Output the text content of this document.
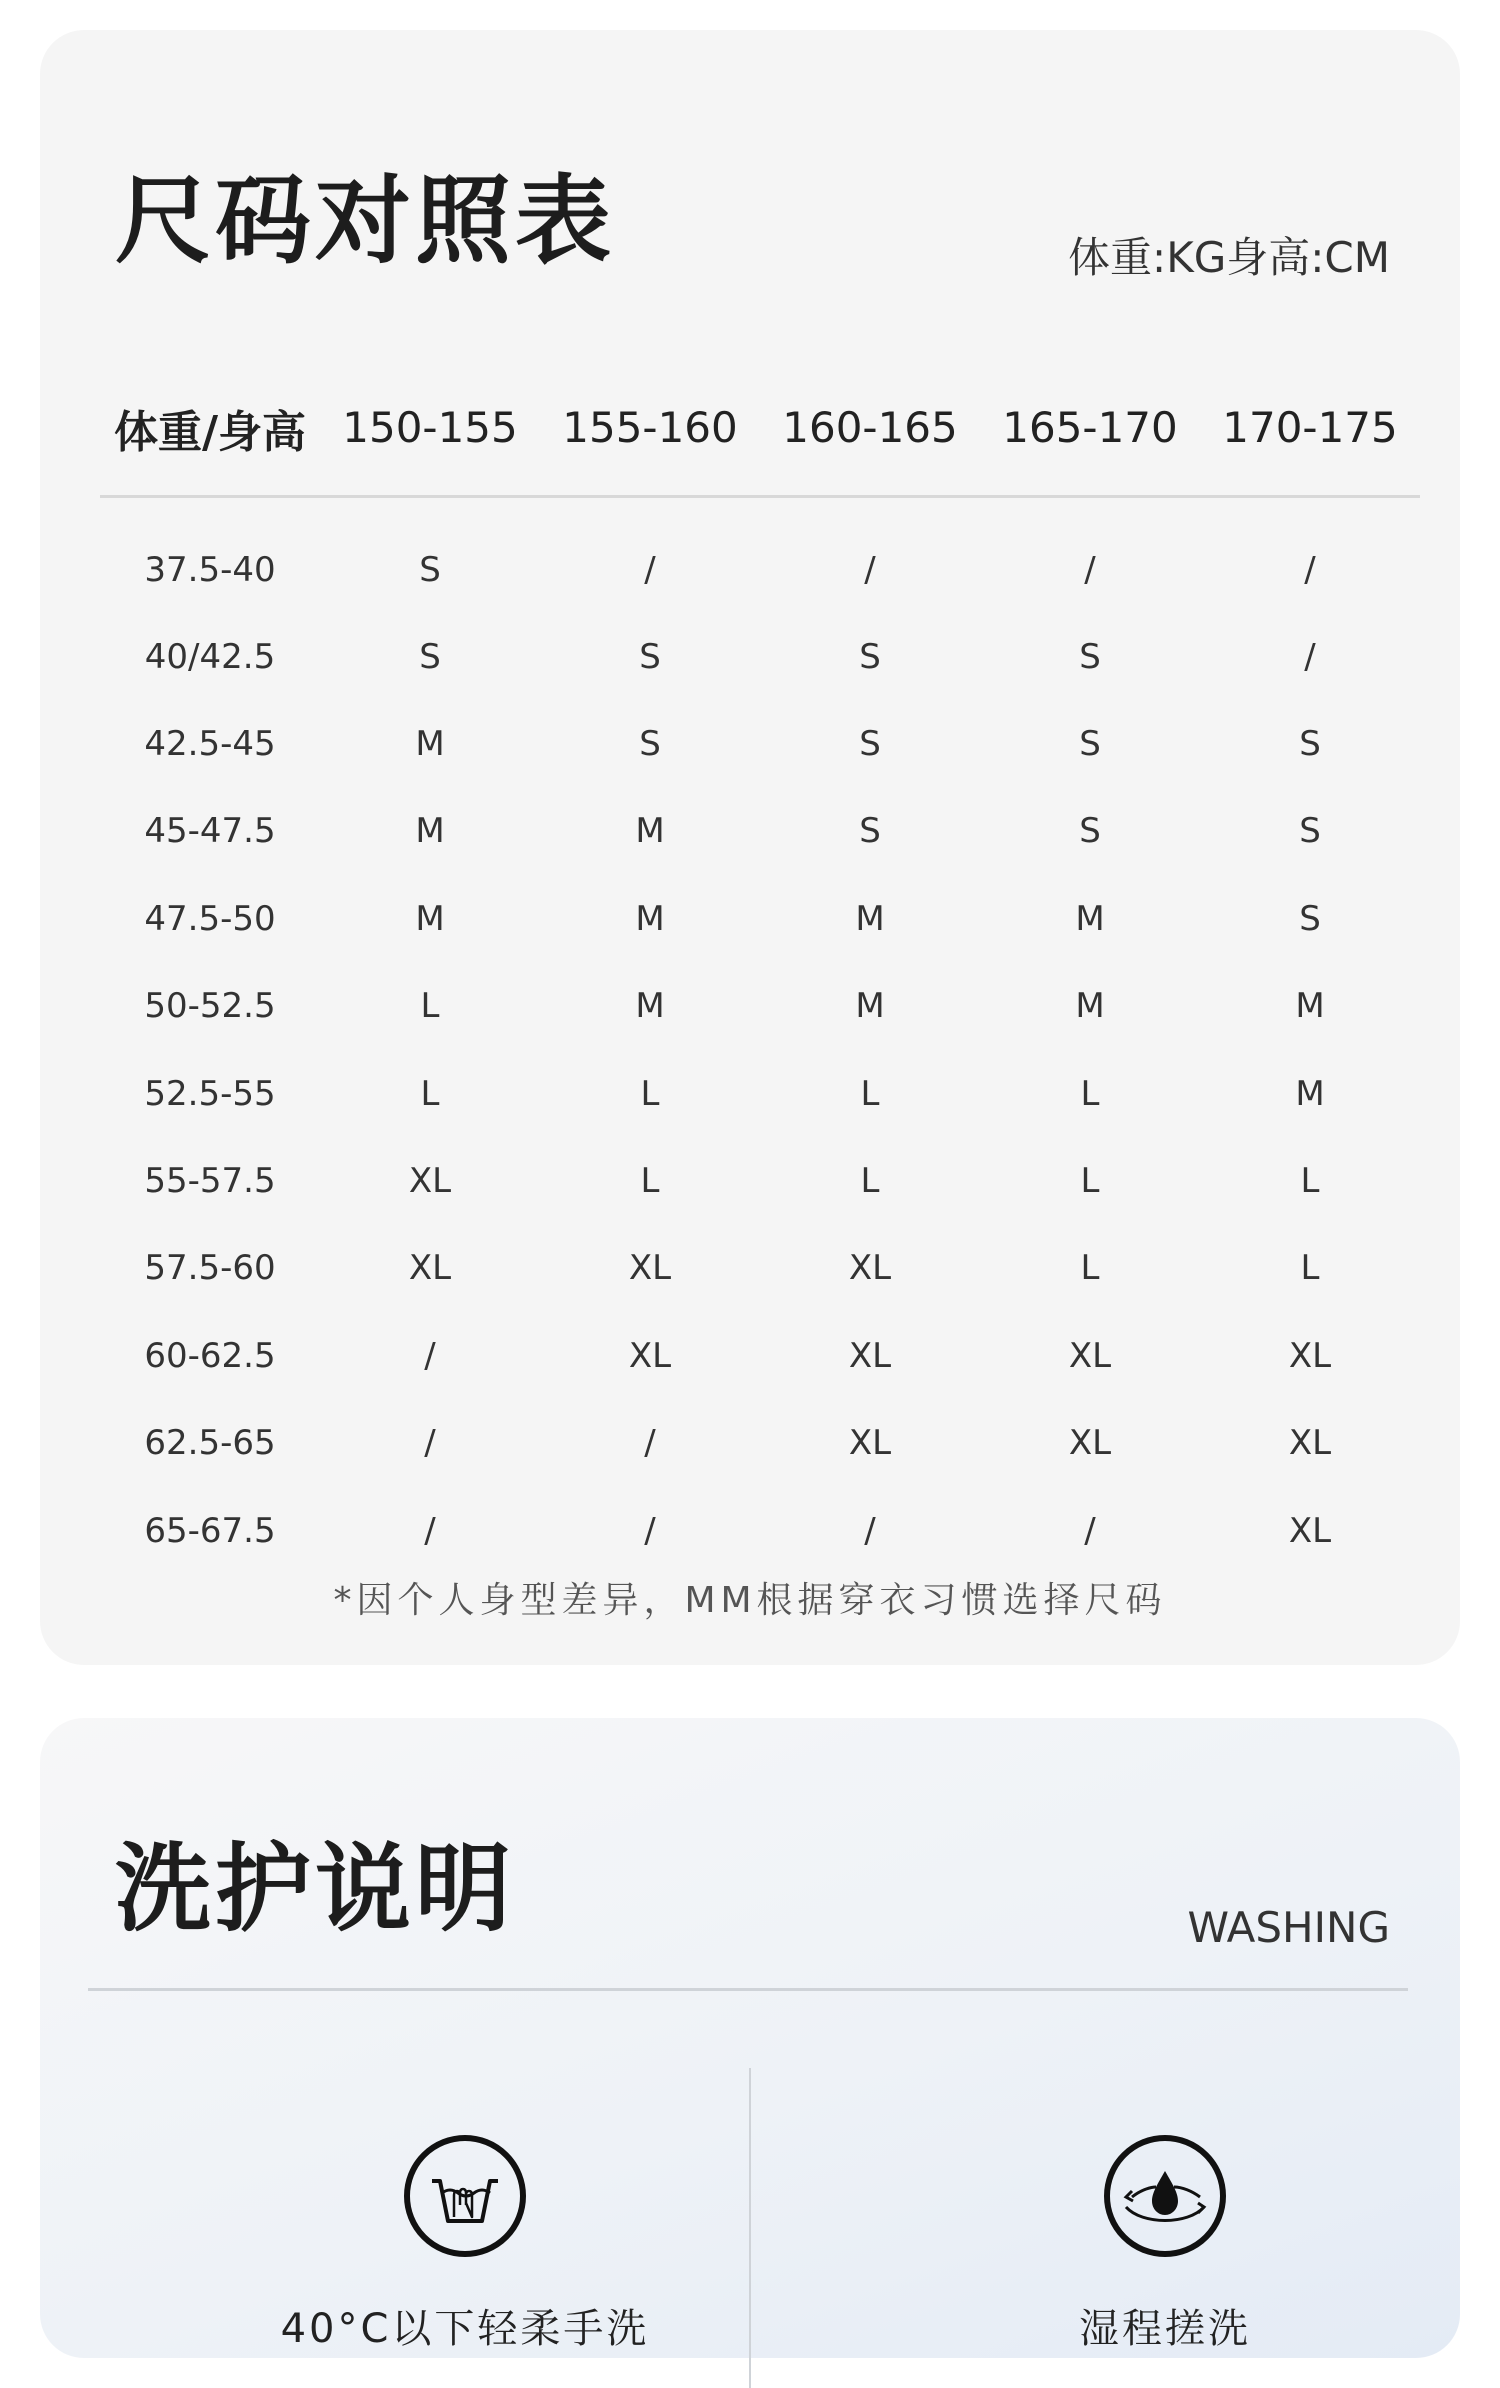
尺码对照表	体重:KG身高:CM
体重/身高	150-155	155-160	160-165	165-170	170-175
37.5-40	S	/	/	/	/
40/42.5	S	S	S	S	/
42.5-45	M	S	S	S	S
45-47.5	M	M	S	S	S
47.5-50	M	M	M	M	S
50-52.5	L	M	M	M	M
52.5-55	L	L	L	L	M
55-57.5	XL	L	L	L	L
57.5-60	XL	XL	XL	L	L
60-62.5	/	XL	XL	XL	XL
62.5-65	/	/	XL	XL	XL
65-67.5	/	/	/	/	XL

*因个人身型差异，MM根据穿衣习惯选择尺码

洗护说明	WASHING
40°C以下轻柔手洗	湿程搓洗
